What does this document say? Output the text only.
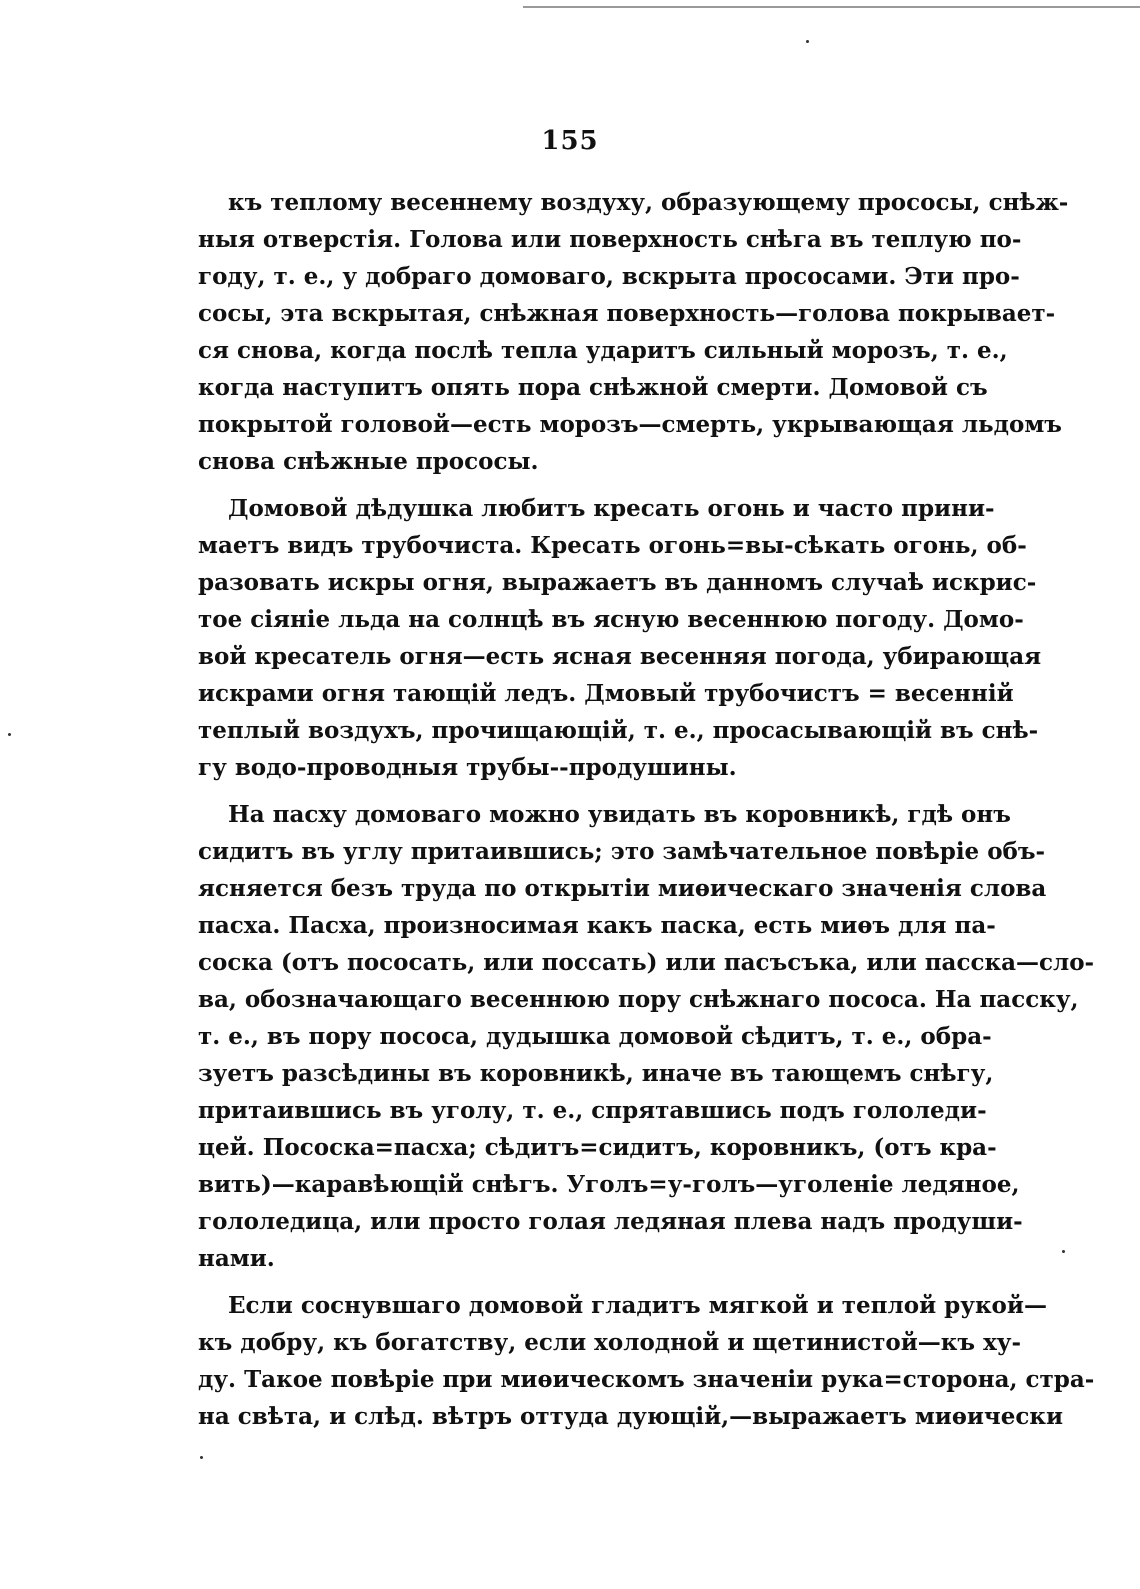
155
къ теплому весеннему воздуху, образующему прососы, снѣж-
ныя отверстія. Голова или поверхность снѣга въ теплую по-
году, т. е., у добраго домоваго, вскрыта прососами. Эти про-
сосы, эта вскрытая, снѣжная поверхность—голова покрывает-
ся снова, когда послѣ тепла ударитъ сильный морозъ, т. е.,
когда наступитъ опять пора снѣжной смерти. Домовой съ
покрытой головой—есть морозъ—смерть, укрывающая льдомъ
снова снѣжные прососы.
Домовой дѣдушка любитъ кресать огонь и часто прини-
маетъ видъ трубочиста. Кресать огонь=вы-сѣкать огонь, об-
разовать искры огня, выражаетъ въ данномъ случаѣ искрис-
тое сіяніе льда на солнцѣ въ ясную весеннюю погоду. Домо-
вой кресатель огня—есть ясная весенняя погода, убирающая
искрами огня тающій ледъ. Дмовый трубочистъ = весенній
теплый воздухъ, прочищающій, т. е., просасывающій въ снѣ-
гу водо-проводныя трубы--продушины.
На пасху домоваго можно увидать въ коровникѣ, гдѣ онъ
сидитъ въ углу притаившись; это замѣчательное повѣріе объ-
ясняется безъ труда по открытіи миѳическаго значенія слова
пасха. Пасха, произносимая какъ паска, есть миѳъ для па-
соска (отъ пососать, или поссать) или пасъсъка, или пасска—сло-
ва, обозначающаго весеннюю пору снѣжнаго пососа. На пасску,
т. е., въ пору пососа, дудышка домовой сѣдитъ, т. е., обра-
зуетъ разсѣдины въ коровникѣ, иначе въ тающемъ снѣгу,
притаившись въ уголу, т. е., спрятавшись подъ гололеди-
цей. Пососка=пасха; сѣдитъ=сидитъ, коровникъ, (отъ кра-
вить)—каравѣющій снѣгъ. Уголъ=у-голъ—уголеніе ледяное,
гололедица, или просто голая ледяная плева надъ продуши-
нами.
Если соснувшаго домовой гладитъ мягкой и теплой рукой—
къ добру, къ богатству, если холодной и щетинистой—къ ху-
ду. Такое повѣріе при миѳическомъ значеніи рука=сторона, стра-
на свѣта, и слѣд. вѣтръ оттуда дующій,—выражаетъ миѳически
